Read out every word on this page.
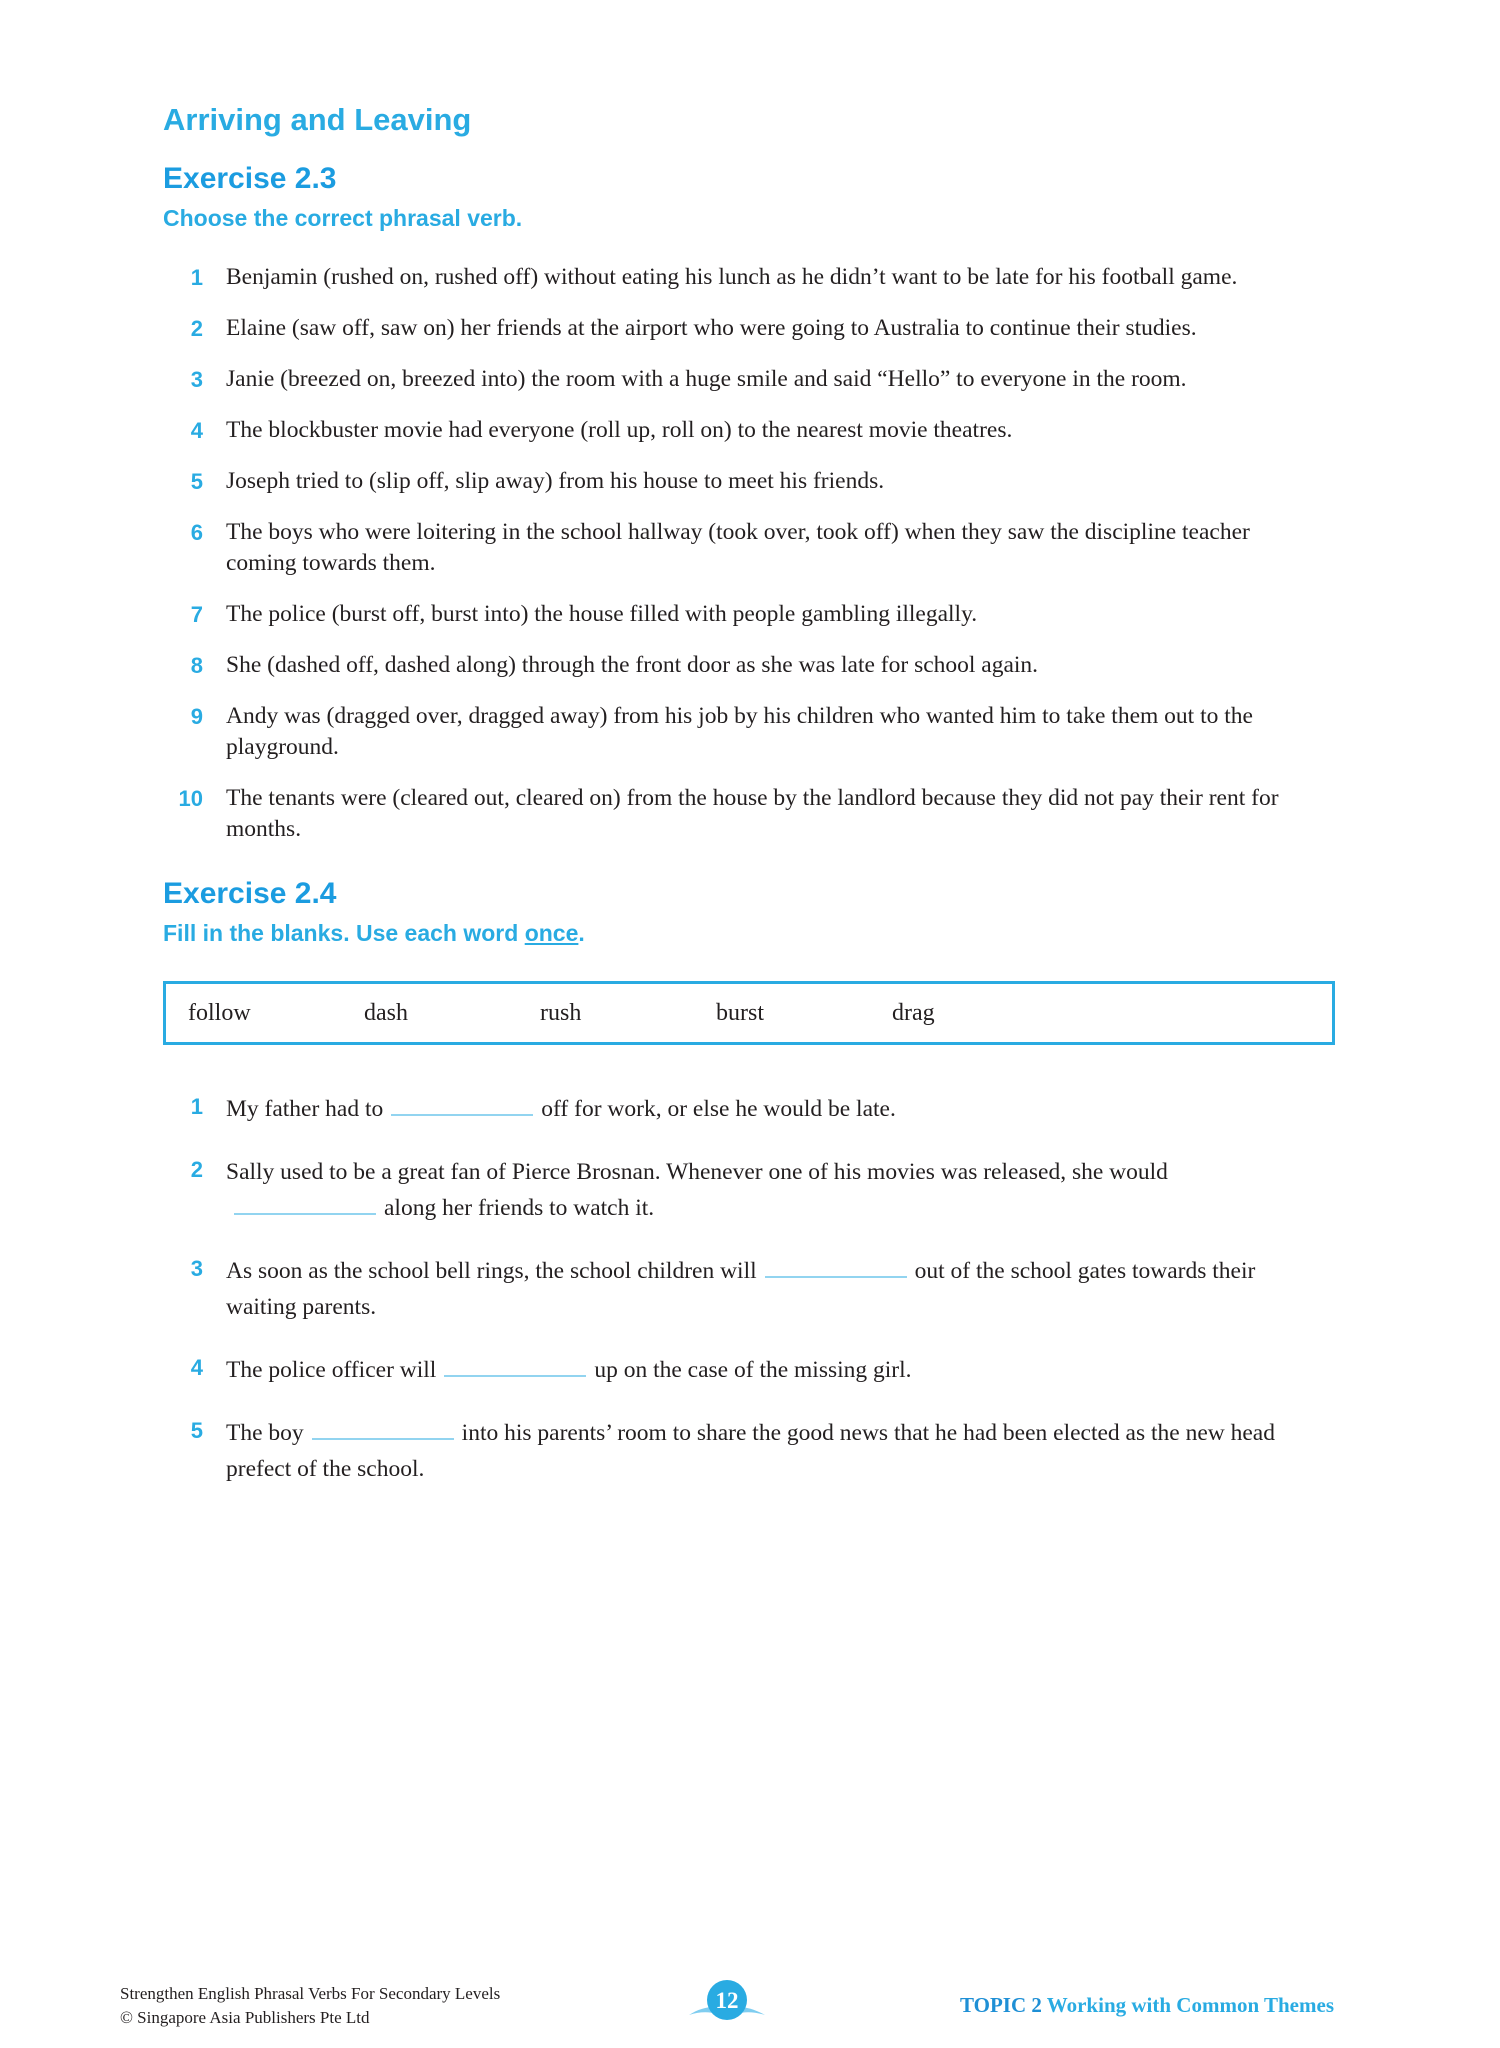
Arriving and Leaving
Exercise 2.3
Choose the correct phrasal verb.
1 Benjamin (rushed on, rushed off) without eating his lunch as he didn’t want to be late for his football game.
2 Elaine (saw off, saw on) her friends at the airport who were going to Australia to continue their studies.
3 Janie (breezed on, breezed into) the room with a huge smile and said “Hello” to everyone in the room.
4 The blockbuster movie had everyone (roll up, roll on) to the nearest movie theatres.
5 Joseph tried to (slip off, slip away) from his house to meet his friends.
6 The boys who were loitering in the school hallway (took over, took off) when they saw the discipline teacher coming towards them.
7 The police (burst off, burst into) the house filled with people gambling illegally.
8 She (dashed off, dashed along) through the front door as she was late for school again.
9 Andy was (dragged over, dragged away) from his job by his children who wanted him to take them out to the playground.
10 The tenants were (cleared out, cleared on) from the house by the landlord because they did not pay their rent for months.
Exercise 2.4
Fill in the blanks. Use each word once.
follow	dash	rush	burst	drag
1 My father had to	off for work, or else he would be late.
2 Sally used to be a great fan of Pierce Brosnan. Whenever one of his movies was released, she wouldalong her friends to watch it.
3 As soon as the school bell rings, the school children will	out of the school gates towards their waiting parents.
4 The police officer will	up on the case of the missing girl.
5 The boy	into his parents’ room to share the good news that he had been elected as the new head prefect of the school.
Strengthen English Phrasal Verbs For Secondary Levels
© Singapore Asia Publishers Pte Ltd
12	TOPIC 2 Working with Common Themes
